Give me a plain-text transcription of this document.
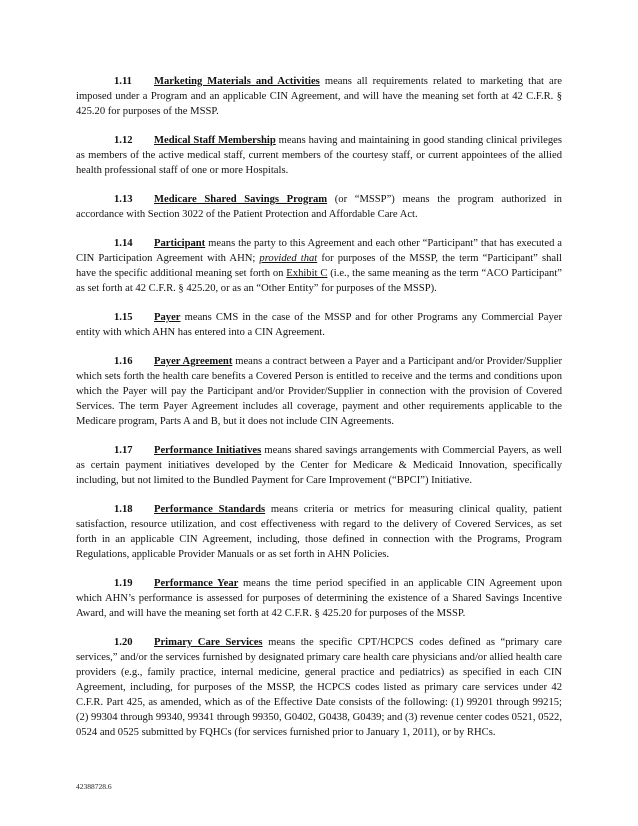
1.11 Marketing Materials and Activities means all requirements related to marketing that are imposed under a Program and an applicable CIN Agreement, and will have the meaning set forth at 42 C.F.R. § 425.20 for purposes of the MSSP.

1.12 Medical Staff Membership means having and maintaining in good standing clinical privileges as members of the active medical staff, current members of the courtesy staff, or current appointees of the allied health professional staff of one or more Hospitals.

1.13 Medicare Shared Savings Program (or “MSSP”) means the program authorized in accordance with Section 3022 of the Patient Protection and Affordable Care Act.

1.14 Participant means the party to this Agreement and each other “Participant” that has executed a CIN Participation Agreement with AHN; provided that for purposes of the MSSP, the term “Participant” shall have the specific additional meaning set forth on Exhibit C (i.e., the same meaning as the term “ACO Participant” as set forth at 42 C.F.R. § 425.20, or as an “Other Entity” for purposes of the MSSP).

1.15 Payer means CMS in the case of the MSSP and for other Programs any Commercial Payer entity with which AHN has entered into a CIN Agreement.

1.16 Payer Agreement means a contract between a Payer and a Participant and/or Provider/Supplier which sets forth the health care benefits a Covered Person is entitled to receive and the terms and conditions upon which the Payer will pay the Participant and/or Provider/Supplier in connection with the provision of Covered Services. The term Payer Agreement includes all coverage, payment and other requirements applicable to the Medicare program, Parts A and B, but it does not include CIN Agreements.

1.17 Performance Initiatives means shared savings arrangements with Commercial Payers, as well as certain payment initiatives developed by the Center for Medicare & Medicaid Innovation, specifically including, but not limited to the Bundled Payment for Care Improvement (“BPCI”) Initiative.

1.18 Performance Standards means criteria or metrics for measuring clinical quality, patient satisfaction, resource utilization, and cost effectiveness with regard to the delivery of Covered Services, as set forth in an applicable CIN Agreement, including, those defined in connection with the Programs, Program Regulations, applicable Provider Manuals or as set forth in AHN Policies.

1.19 Performance Year means the time period specified in an applicable CIN Agreement upon which AHN’s performance is assessed for purposes of determining the existence of a Shared Savings Incentive Award, and will have the meaning set forth at 42 C.F.R. § 425.20 for purposes of the MSSP.

1.20 Primary Care Services means the specific CPT/HCPCS codes defined as “primary care services,” and/or the services furnished by designated primary care health care physicians and/or allied health care providers (e.g., family practice, internal medicine, general practice and pediatrics) as specified in each CIN Agreement, including, for purposes of the MSSP, the HCPCS codes listed as primary care services under 42 C.F.R. Part 425, as amended, which as of the Effective Date consists of the following: (1) 99201 through 99215; (2) 99304 through 99340, 99341 through 99350, G0402, G0438, G0439; and (3) revenue center codes 0521, 0522, 0524 and 0525 submitted by FQHCs (for services furnished prior to January 1, 2011), or by RHCs.

42388728.6
